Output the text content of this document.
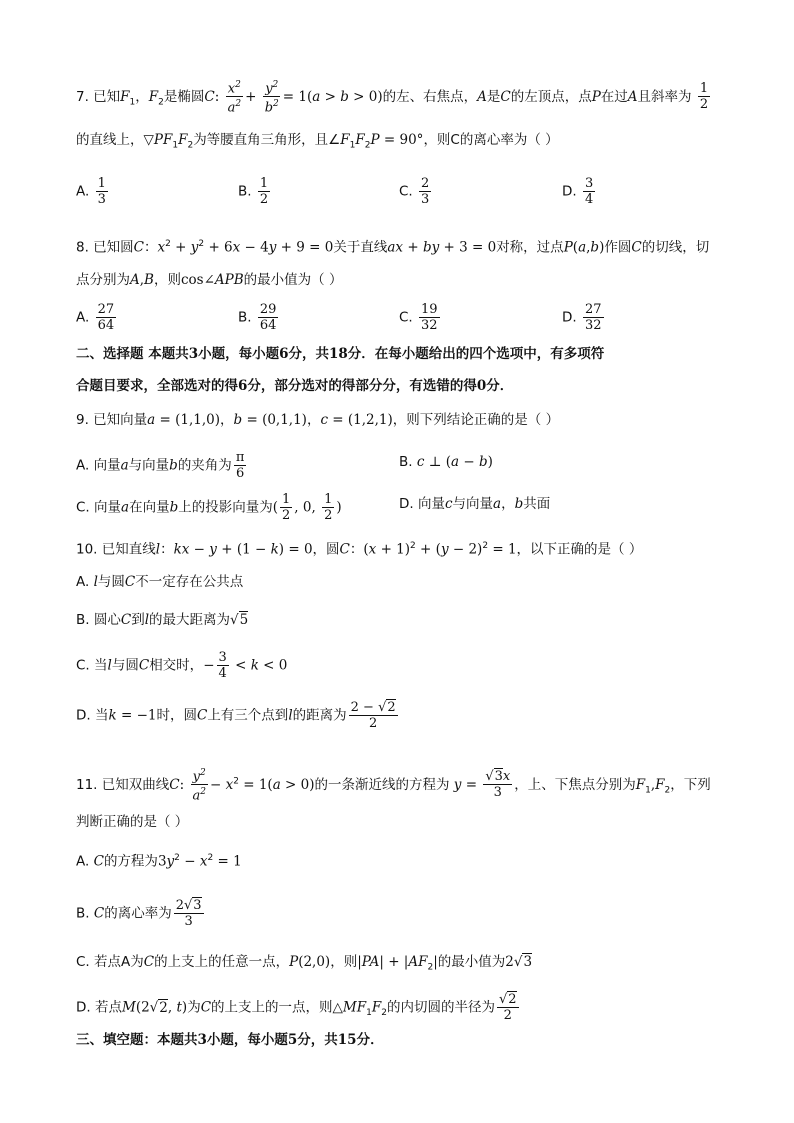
7. 已知$F_1$，$F_2$是椭圆C: $\frac{x^2}{a^2} + \frac{y^2}{b^2} = 1(a > b > 0)$的左、右焦点，A是C的左顶点，点P在过A且斜率为 $\frac{1}{2}$
的直线上，$▽PF_1F_2$为等腰直角三角形，且$\angle F_1F_2P = 90^\circ$，则C的离心率为（ ）
A. $\frac{1}{3}$	B. $\frac{1}{2}$	C. $\frac{2}{3}$	D. $\frac{3}{4}$
8. 已知圆C：$x^2 + y^2 + 6x - 4y + 9 = 0$关于直线ax + by + 3 = 0对称，过点P(a,b)作圆C的切线，切
点分别为A,B，则cos∠APB的最小值为（ ）
A. $\frac{27}{64}$	B. $\frac{29}{64}$	C. $\frac{19}{32}$	D. $\frac{27}{32}$
二、选择题 本题共3小题，每小题6分，共18分．在每小题给出的四个选项中，有多项符
合题目要求，全部选对的得6分，部分选对的得部分分，有选错的得0分．
9. 已知向量a = (1,1,0)，b = (0,1,1)，c = (1,2,1)，则下列结论正确的是（ ）
A. 向量a与向量b的夹角为 $\frac{\pi}{6}$	B. c ⊥ (a − b)
C. 向量a在向量b上的投影向量为( $\frac{1}{2}$ , 0, $\frac{1}{2}$ )	D. 向量c与向量a，b共面
10. 已知直线l：kx − y + (1 − k) = 0，圆C：$(x + 1)^2 + (y - 2)^2 = 1$，以下正确的是（ ）
A. l与圆C不一定存在公共点
B. 圆心C到l的最大距离为√5
C. 当l与圆C相交时，− $\frac{3}{4} < k < 0$
D. 当k = −1时，圆C上有三个点到l的距离为 $\frac{2 - √2}{2}$
11. 已知双曲线C: $\frac{y^2}{a^2} - x^2 = 1(a > 0)$的一条渐近线的方程为 $y = \frac{√3x}{3}$ ，上、下焦点分别为$F_1,F_2$，下列
判断正确的是（ ）
A. C的方程为$3y^2 - x^2 = 1$
B. C的离心率为 $\frac{2√3}{3}$
C. 若点A为C的上支上的任意一点，P(2,0)，则$|PA| + |AF_2|$的最小值为2√3
D. 若点M(2√2, t)为C的上支上的一点，则$\triangle MF_1F_2$的内切圆的半径为 $\frac{√2}{2}$
三、填空题：本题共3小题，每小题5分，共15分．
